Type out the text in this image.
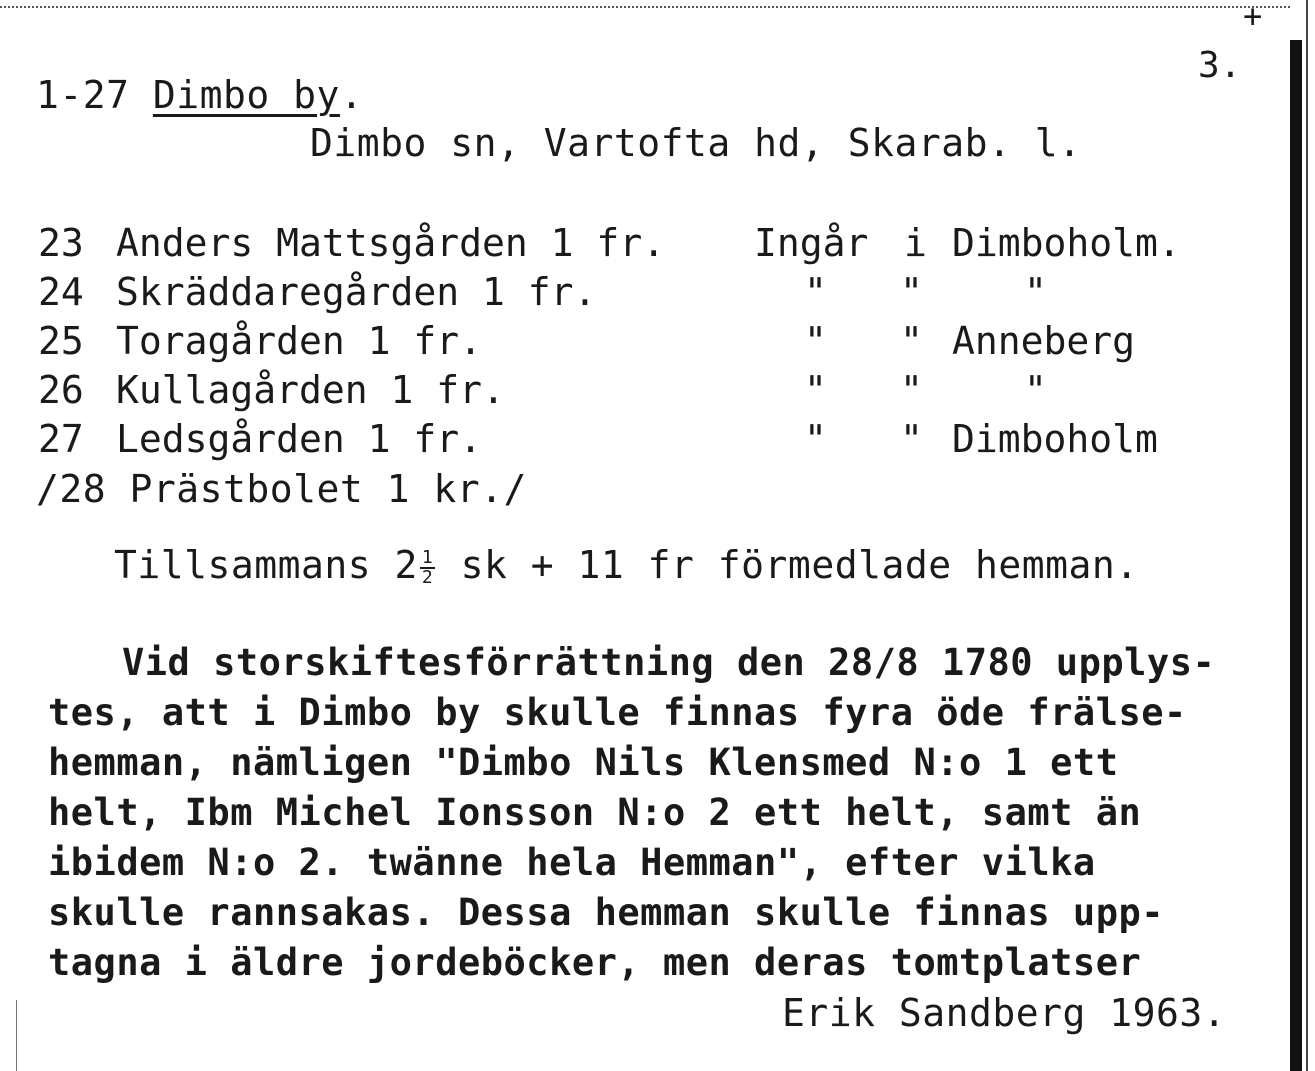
+
3.
1-27 Dimbo by.
Dimbo sn, Vartofta hd, Skarab. l.
23 Anders Mattsgården 1 fr. Ingår i Dimboholm.
24 Skräddaregården 1 fr.	" "	"
25 Toragården 1 fr.	" " Anneberg
26 Kullagården 1 fr.	" "	"
27 Ledsgården 1 fr.	" " Dimboholm
/28 Prästbolet 1 kr./
Tillsammans $2 \frac{1}{2}$ sk + 11 fr förmedlade hemman.
Vid storskiftesförrättning den 28/8 1780 upplys-
tes, att i Dimbo by skulle finnas fyra öde frälse-
hemman, nämligen "Dimbo Nils Klensmed N:o 1 ett
helt, Ibm Michel Ionsson N:o 2 ett helt, samt än
ibidem N:o 2. twänne hela Hemman", efter vilka
skulle rannsakas. Dessa hemman skulle finnas upp-
tagna i äldre jordeböcker, men deras tomtplatser
Erik Sandberg 1963.
